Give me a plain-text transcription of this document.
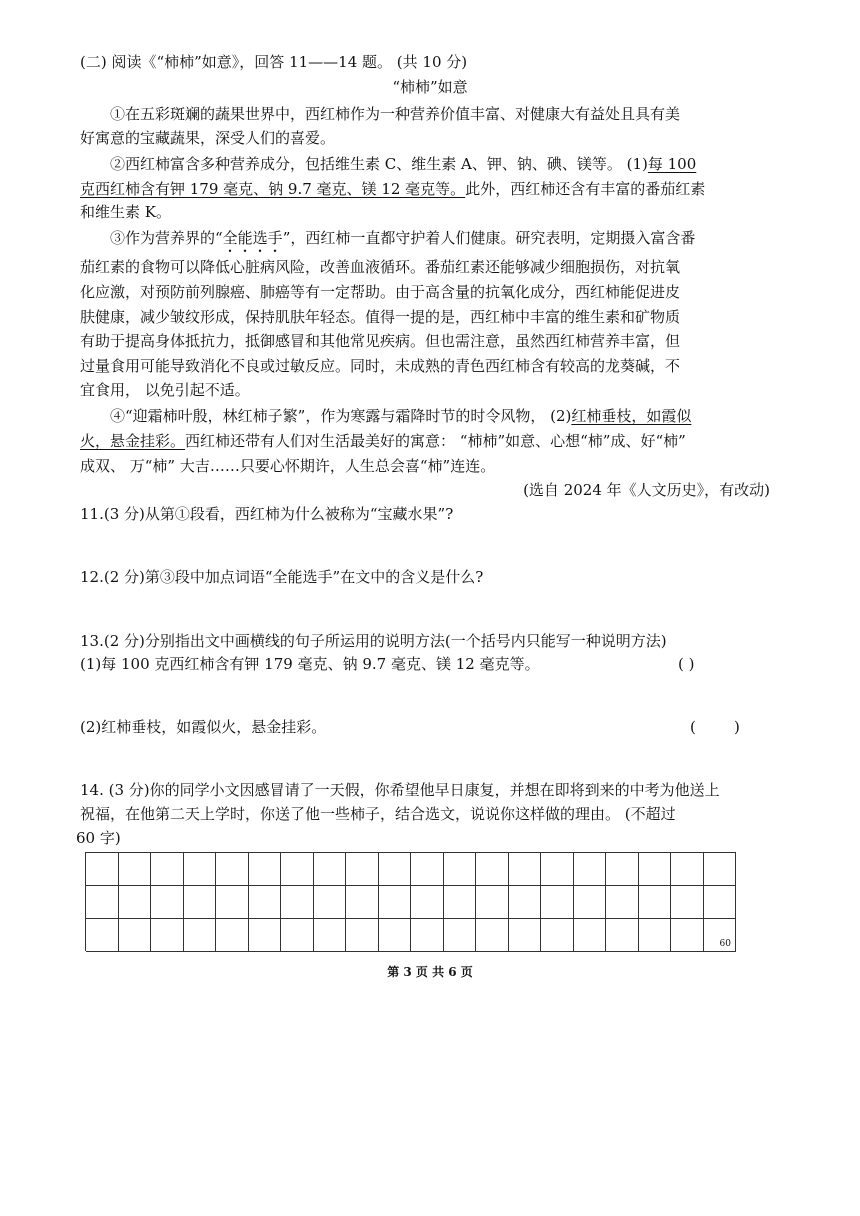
(二) 阅读《“柿柿”如意》，回答 11——14 题。 (共 10 分)
“柿柿”如意
①在五彩斑斓的蔬果世界中，西红柿作为一种营养价值丰富、对健康大有益处且具有美
好寓意的宝藏蔬果，深受人们的喜爱。
②西红柿富含多种营养成分，包括维生素 C、维生素 A、钾、钠、碘、镁等。 (1)每 100
克西红柿含有钾 179 毫克、钠 9.7 毫克、镁 12 毫克等。此外，西红柿还含有丰富的番茄红素
和维生素 K。
③作为营养界的“全能选手”，西红柿一直都守护着人们健康。研究表明，定期摄入富含番
茄红素的食物可以降低心脏病风险，改善血液循环。番茄红素还能够减少细胞损伤，对抗氧
化应激，对预防前列腺癌、肺癌等有一定帮助。由于高含量的抗氧化成分，西红柿能促进皮
肤健康，减少皱纹形成，保持肌肤年轻态。值得一提的是，西红柿中丰富的维生素和矿物质
有助于提高身体抵抗力，抵御感冒和其他常见疾病。但也需注意，虽然西红柿营养丰富，但
过量食用可能导致消化不良或过敏反应。同时，未成熟的青色西红柿含有较高的龙葵碱，不
宜食用， 以免引起不适。
④“迎霜柿叶殷，林红柿子繁”，作为寒露与霜降时节的时令风物， (2)红柿垂枝，如霞似
火，悬金挂彩。西红柿还带有人们对生活最美好的寓意： “柿柿”如意、心想“柿”成、好“柿”
成双、 万“柿” 大吉……只要心怀期许，人生总会喜“柿”连连。
(选自 2024 年《人文历史》，有改动)
11.(3 分)从第①段看，西红柿为什么被称为“宝藏水果”?
12.(2 分)第③段中加点词语“全能选手”在文中的含义是什么?
13.(2 分)分别指出文中画横线的句子所运用的说明方法(一个括号内只能写一种说明方法)
(1)每 100 克西红柿含有钾 179 毫克、钠 9.7 毫克、镁 12 毫克等。	( )
(2)红柿垂枝，如霞似火，悬金挂彩。	(        )
14. (3 分)你的同学小文因感冒请了一天假，你希望他早日康复，并想在即将到来的中考为他送上
祝福，在他第二天上学时，你送了他一些柿子，结合选文，说说你这样做的理由。 (不超过
60 字)
60
第 3 页 共 6 页
